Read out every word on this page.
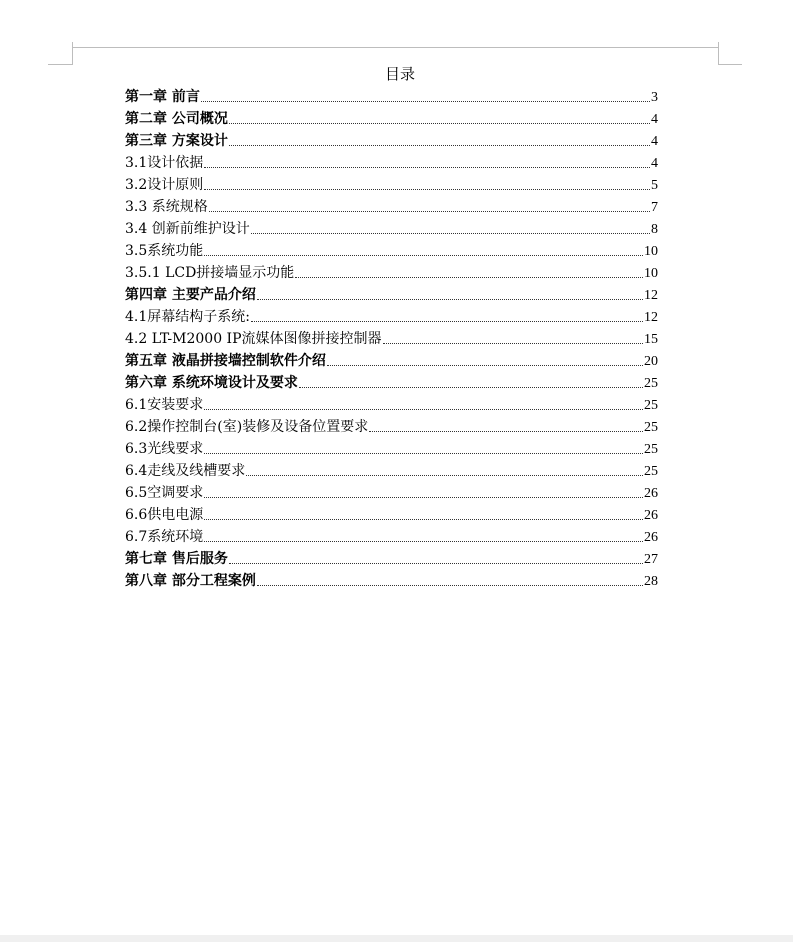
目录
第一章 前言	3
第二章 公司概况	4
第三章 方案设计	4
3.1设计依据	4
3.2设计原则	5
3.3 系统规格	7
3.4 创新前维护设计	8
3.5系统功能	10
3.5.1 LCD拼接墙显示功能	10
第四章 主要产品介绍	12
4.1屏幕结构子系统:	12
4.2 LT-M2000 IP流媒体图像拼接控制器	15
第五章 液晶拼接墙控制软件介绍	20
第六章 系统环境设计及要求	25
6.1安装要求	25
6.2操作控制台(室)装修及设备位置要求	25
6.3光线要求	25
6.4走线及线槽要求	25
6.5空调要求	26
6.6供电电源	26
6.7系统环境	26
第七章 售后服务	27
第八章 部分工程案例	28
